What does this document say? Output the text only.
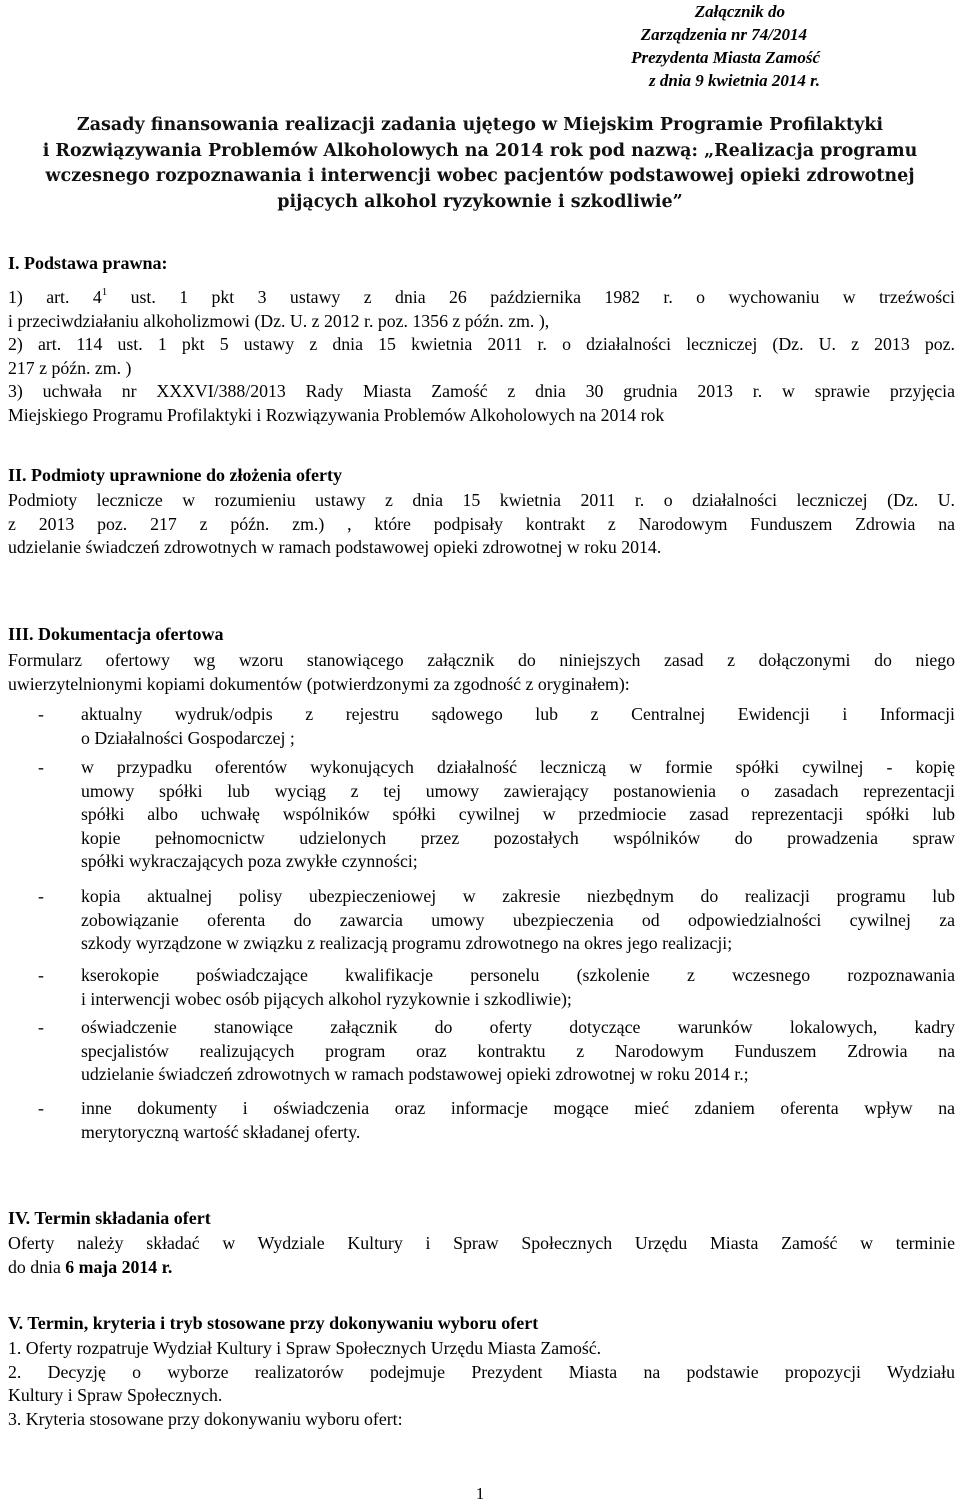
Załącznik do
Zarządzenia nr 74/2014
Prezydenta Miasta Zamość
z dnia 9 kwietnia 2014 r.
Zasady finansowania realizacji zadania ujętego w Miejskim Programie Profilaktyki
i Rozwiązywania Problemów Alkoholowych na 2014 rok pod nazwą: „Realizacja programu
wczesnego rozpoznawania i interwencji wobec pacjentów podstawowej opieki zdrowotnej
pijących alkohol ryzykownie i szkodliwie”
I. Podstawa prawna:
1) art. $4^1$ ust. 1 pkt 3 ustawy z dnia 26 października 1982 r. o wychowaniu w trzeźwości
i przeciwdziałaniu alkoholizmowi (Dz. U. z 2012 r. poz. 1356 z późn. zm. ),
2) art. 114 ust. 1 pkt 5 ustawy z dnia 15 kwietnia 2011 r. o działalności leczniczej (Dz. U. z 2013 poz.
217 z późn. zm. )
3) uchwała nr XXXVI/388/2013 Rady Miasta Zamość z dnia 30 grudnia 2013 r. w sprawie przyjęcia
Miejskiego Programu Profilaktyki i Rozwiązywania Problemów Alkoholowych na 2014 rok
II. Podmioty uprawnione do złożenia oferty
Podmioty lecznicze w rozumieniu ustawy z dnia 15 kwietnia 2011 r. o działalności leczniczej (Dz. U.
z 2013 poz. 217 z późn. zm.) , które podpisały kontrakt z Narodowym Funduszem Zdrowia na
udzielanie świadczeń zdrowotnych w ramach podstawowej opieki zdrowotnej w roku 2014.
III. Dokumentacja ofertowa
Formularz ofertowy wg wzoru stanowiącego załącznik do niniejszych zasad z dołączonymi do niego
uwierzytelnionymi kopiami dokumentów (potwierdzonymi za zgodność z oryginałem):
- aktualny wydruk/odpis z rejestru sądowego lub z Centralnej Ewidencji i Informacji
o Działalności Gospodarczej ;
- w przypadku oferentów wykonujących działalność leczniczą w formie spółki cywilnej - kopię
umowy spółki lub wyciąg z tej umowy zawierający postanowienia o zasadach reprezentacji
spółki albo uchwałę wspólników spółki cywilnej w przedmiocie zasad reprezentacji spółki lub
kopie pełnomocnictw udzielonych przez pozostałych wspólników do prowadzenia spraw
spółki wykraczających poza zwykłe czynności;
- kopia aktualnej polisy ubezpieczeniowej w zakresie niezbędnym do realizacji programu lub
zobowiązanie oferenta do zawarcia umowy ubezpieczenia od odpowiedzialności cywilnej za
szkody wyrządzone w związku z realizacją programu zdrowotnego na okres jego realizacji;
- kserokopie poświadczające kwalifikacje personelu (szkolenie z wczesnego rozpoznawania
i interwencji wobec osób pijących alkohol ryzykownie i szkodliwie);
- oświadczenie stanowiące załącznik do oferty dotyczące warunków lokalowych, kadry
specjalistów realizujących program oraz kontraktu z Narodowym Funduszem Zdrowia na
udzielanie świadczeń zdrowotnych w ramach podstawowej opieki zdrowotnej w roku 2014 r.;
- inne dokumenty i oświadczenia oraz informacje mogące mieć zdaniem oferenta wpływ na
merytoryczną wartość składanej oferty.
IV. Termin składania ofert
Oferty należy składać w Wydziale Kultury i Spraw Społecznych Urzędu Miasta Zamość w terminie
do dnia 6 maja 2014 r.
V. Termin, kryteria i tryb stosowane przy dokonywaniu wyboru ofert
1. Oferty rozpatruje Wydział Kultury i Spraw Społecznych Urzędu Miasta Zamość.
2. Decyzję o wyborze realizatorów podejmuje Prezydent Miasta na podstawie propozycji Wydziału
Kultury i Spraw Społecznych.
3. Kryteria stosowane przy dokonywaniu wyboru ofert:
1
